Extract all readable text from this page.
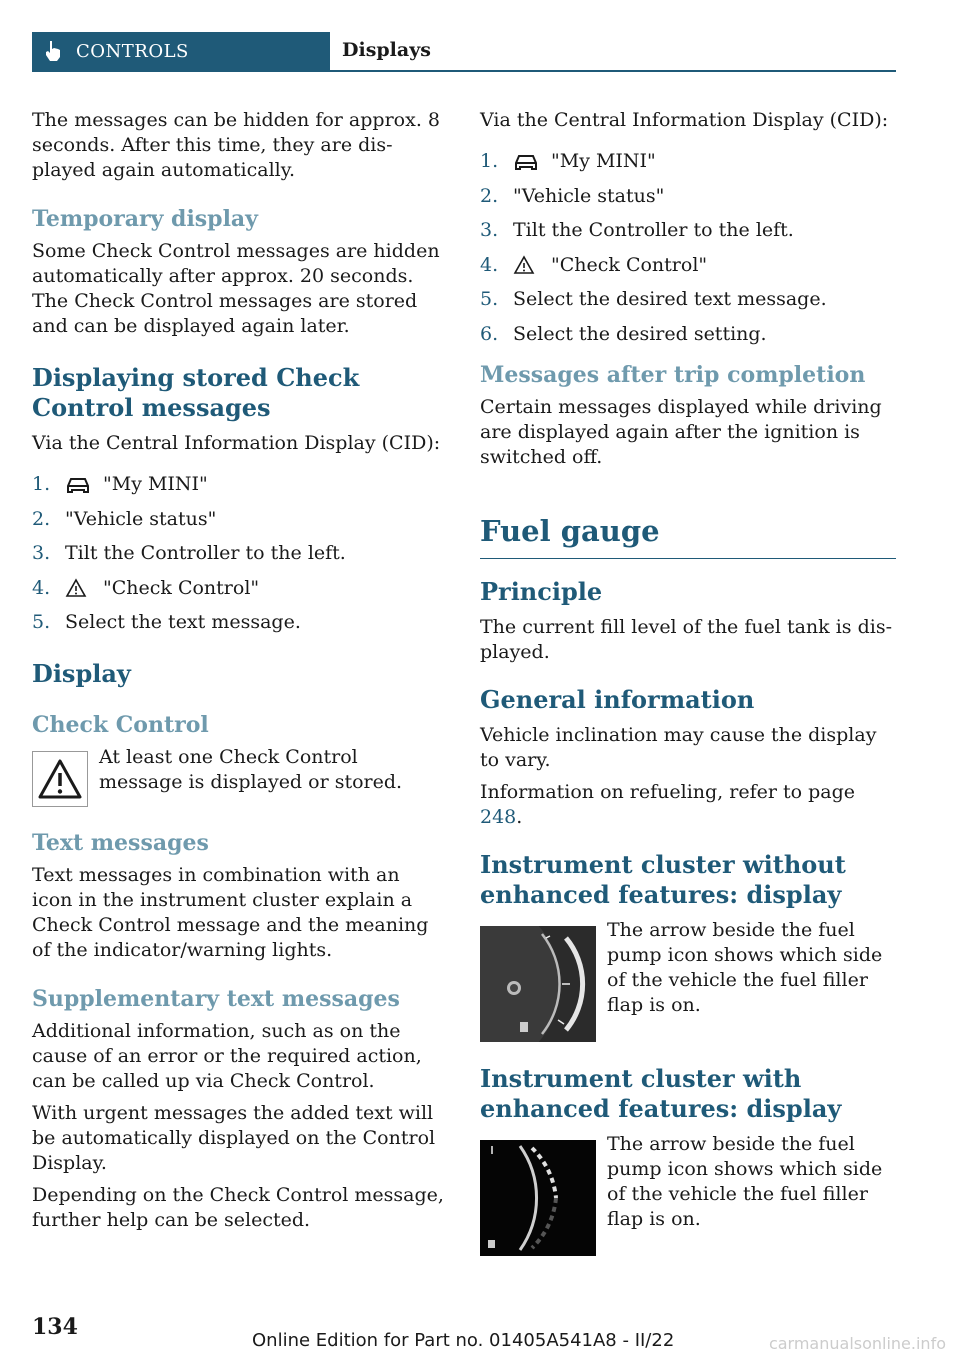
CONTROLS	Displays

The messages can be hidden for approx. 8 seconds. After this time, they are displayed again automatically.

Temporary display

Some Check Control messages are hidden automatically after approx. 20 seconds. The Check Control messages are stored and can be displayed again later.

Displaying stored Check Control messages

Via the Central Information Display (CID):

1.	"My MINI"
2. "Vehicle status"
3. Tilt the Controller to the left.
4.	"Check Control"
5. Select the text message.
Display
Check Control

At least one Check Control message is displayed or stored.

Text messages

Text messages in combination with an icon in the instrument cluster explain a Check Control message and the meaning of the indicator/warning lights.

Supplementary text messages

Additional information, such as on the cause of an error or the required action, can be called up via Check Control.

With urgent messages the added text will be automatically displayed on the Control Display.

Depending on the Check Control message, further help can be selected.

Via the Central Information Display (CID):

1.	"My MINI"
2. "Vehicle status"
3. Tilt the Controller to the left.
4.	"Check Control"
5. Select the desired text message.
6. Select the desired setting.
Messages after trip completion

Certain messages displayed while driving are displayed again after the ignition is switched off.

Fuel gauge
Principle

The current fill level of the fuel tank is displayed.

General information

Vehicle inclination may cause the display to vary.

Information on refueling, refer to page  248.

Instrument cluster without enhanced features: display

The arrow beside the fuel pump icon shows which side of the vehicle the fuel filler flap is on.

Instrument cluster with enhanced features: display

The arrow beside the fuel pump icon shows which side of the vehicle the fuel filler flap is on.

134
Online Edition for Part no. 01405A541A8 - II/22	carmanualsonline.info
